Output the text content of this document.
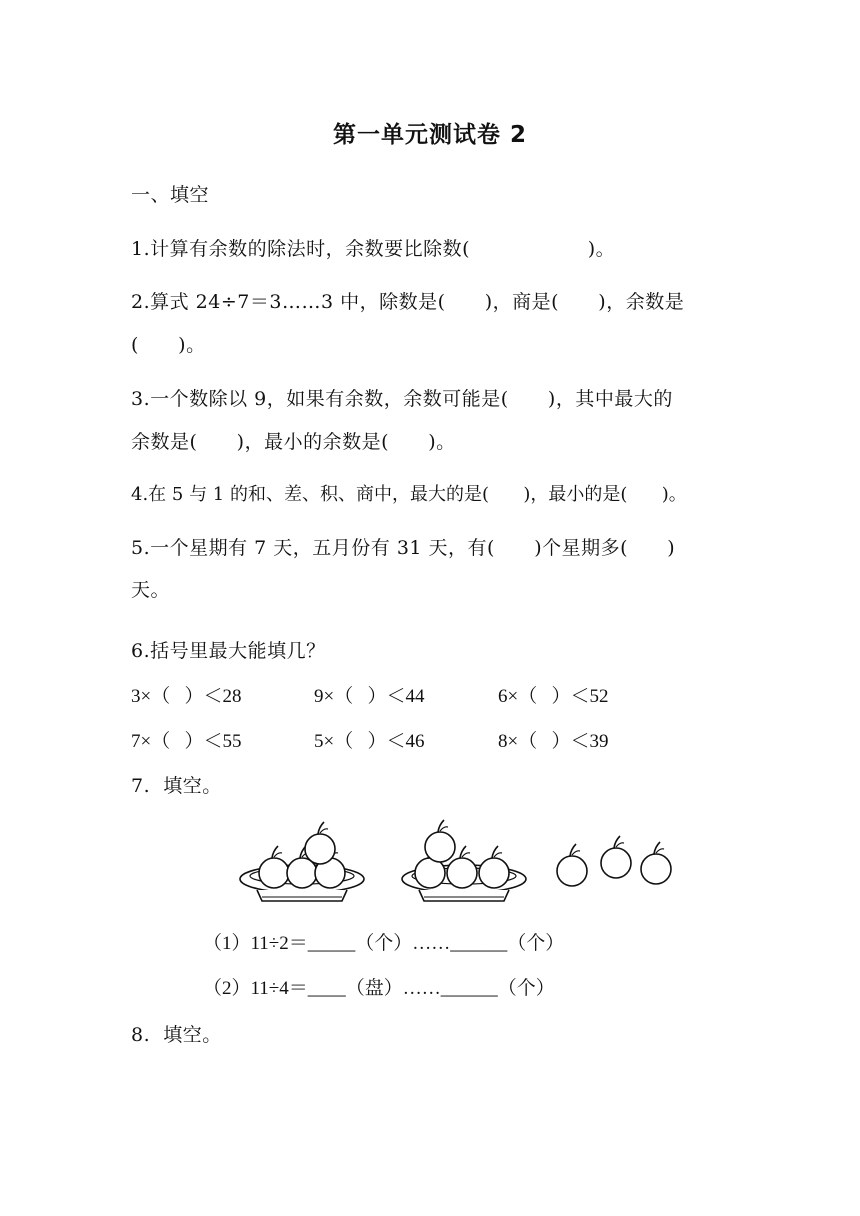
第一单元测试卷 2
一、填空
1.计算有余数的除法时，余数要比除数(                  )。
2.算式 24÷7＝3……3 中，除数是(      )，商是(      )，余数是
(      )。
3.一个数除以 9，如果有余数，余数可能是(      )，其中最大的
余数是(      )，最小的余数是(      )。
4.在 5 与 1 的和、差、积、商中，最大的是(      )，最小的是(      )。
5.一个星期有 7 天，五月份有 31 天，有(      )个星期多(      )
天。
6.括号里最大能填几？
3×（   ）＜28	9×（   ）＜44	6×（   ）＜52
7×（   ）＜55	5×（   ）＜46	8×（   ）＜39
7.  填空。
（1）11÷2＝_____（个）……______（个）
（2）11÷4＝____（盘）……______（个）
8.  填空。
